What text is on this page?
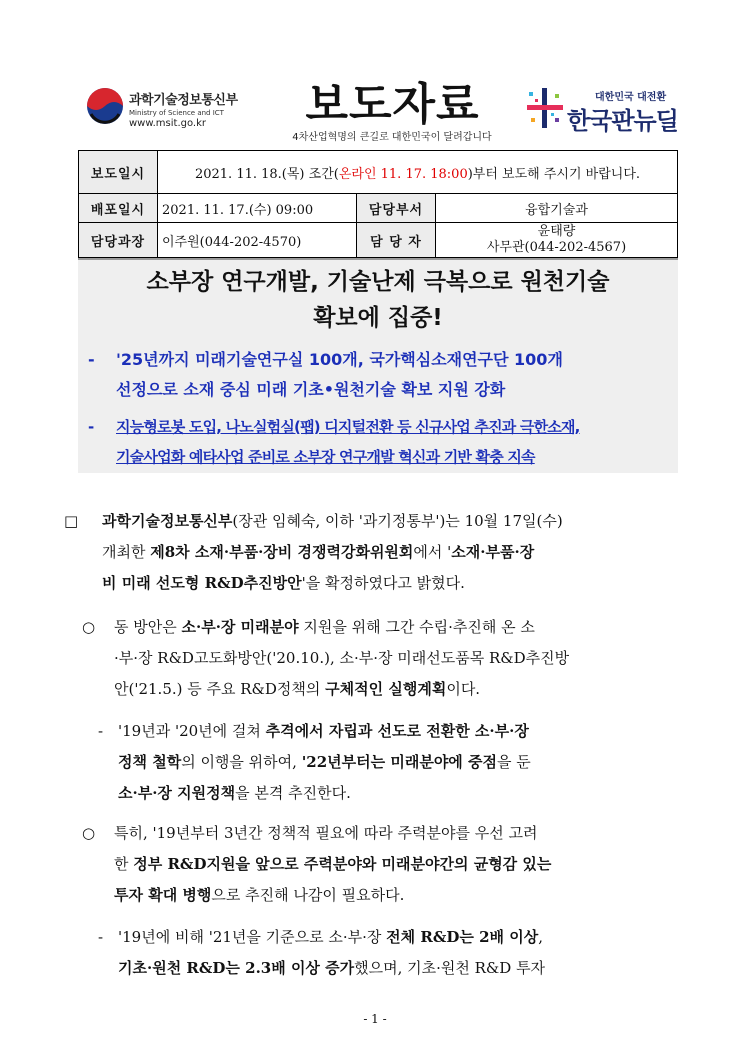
과학기술정보통신부
Ministry of Science and ICT
www.msit.go.kr	보도자료
4차산업혁명의 큰길로 대한민국이 달려갑니다
대한민국 대전환
한국판뉴딜
보도일시	2021. 11. 18.(목) 조간(온라인 11. 17. 18:00)부터 보도해 주시기 바랍니다.		
배포일시	2021. 11. 17.(수) 09:00	담당부서	융합기술과
담당과장	이주원(044-202-4570)	담 당 자	윤태량
사무관(044-202-4567)
소부장 연구개발, 기술난제 극복으로 원천기술
확보에 집중!
- '25년까지 미래기술연구실 100개, 국가핵심소재연구단 100개
선정으로 소재 중심 미래 기초•원천기술 확보 지원 강화
- 지능형로봇 도입, 나노실험실(팹) 디지털전환 등 신규사업 추진과 극한소재,
기술사업화 예타사업 준비로 소부장 연구개발 혁신과 기반 확충 지속
□ 과학기술정보통신부(장관 임혜숙, 이하 '과기정통부')는 10월 17일(수)
개최한 제8차 소재·부품·장비 경쟁력강화위원회에서 '소재·부품·장
비 미래 선도형 R&D추진방안'을 확정하였다고 밝혔다.
○ 동 방안은 소·부·장 미래분야 지원을 위해 그간 수립·추진해 온 소
·부·장 R&D고도화방안('20.10.), 소·부·장 미래선도품목 R&D추진방
안('21.5.) 등 주요 R&D정책의 구체적인 실행계획이다.
- '19년과 '20년에 걸쳐 추격에서 자립과 선도로 전환한 소·부·장
정책 철학의 이행을 위하여, '22년부터는 미래분야에 중점을 둔
소·부·장 지원정책을 본격 추진한다.
○ 특히, '19년부터 3년간 정책적 필요에 따라 주력분야를 우선 고려
한 정부 R&D지원을 앞으로 주력분야와 미래분야간의 균형감 있는
투자 확대 병행으로 추진해 나감이 필요하다.
- '19년에 비해 '21년을 기준으로 소·부·장 전체 R&D는 2배 이상,
기초·원천 R&D는 2.3배 이상 증가했으며, 기초·원천 R&D 투자
- 1 -
